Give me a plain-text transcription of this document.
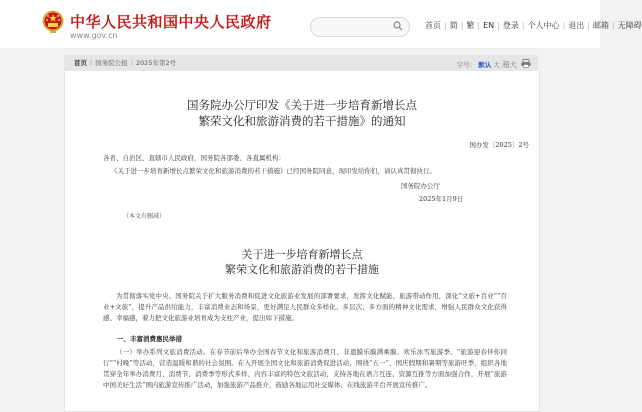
中华人民共和国中央人民政府
www.gov.cn
首页 | 简 | 繁 | EN | 登录 | 个人中心 | 退出 | 邮箱 | 无障碍
首页 | 国务院公报 | 2025年第2号	字号： 默认 大 超大
国务院办公厅印发《关于进一步培育新增长点
繁荣文化和旅游消费的若干措施》的通知
国办发〔2025〕2号
各省、自治区、直辖市人民政府，国务院各部委、各直属机构：
《关于进一步培育新增长点繁荣文化和旅游消费的若干措施》已经国务院同意，现印发给你们，请认真贯彻执行。
国务院办公厅
2025年1月9日
（本文有删减）
关于进一步培育新增长点
繁荣文化和旅游消费的若干措施
为贯彻落实党中央、国务院关于扩大服务消费和促进文化旅游业发展的部署要求，发挥文化赋能、旅游带动作用，深化“文旅+百业”“百业+文旅”，提升产品供给能力，丰富消费业态和场景，更好满足人民群众多样化、多层次、多方面的精神文化需求，增强人民群众文化获得感、幸福感，着力把文化旅游业培育成为支柱产业，提出如下措施。
一、丰富消费惠民举措
（一）举办系列文旅消费活动。在春节前后举办全国春节文化和旅游消费月、非遗膜乐膜满乘膜、欢乐冰雪旅游季、“旅游迎春伴你同行”“村晚”等活动，营造温暖和谐的社会氛围。在入开展全国文化和旅游消费促进活动，围绕“五一”、国庆假期和暑期等旅游旺季，组织各地贯穿全年举办消费月、消费节、消费季等形式多样、内容丰富的特色文旅活动，支持各地在语言互连、资源互推等方面加强合作，开展“旅游中国美好生活”国内旅游宣传推广活动，加强旅游产品推介，鼓励各地运用社交媒体、在线旅游平台开展宣传推广。
